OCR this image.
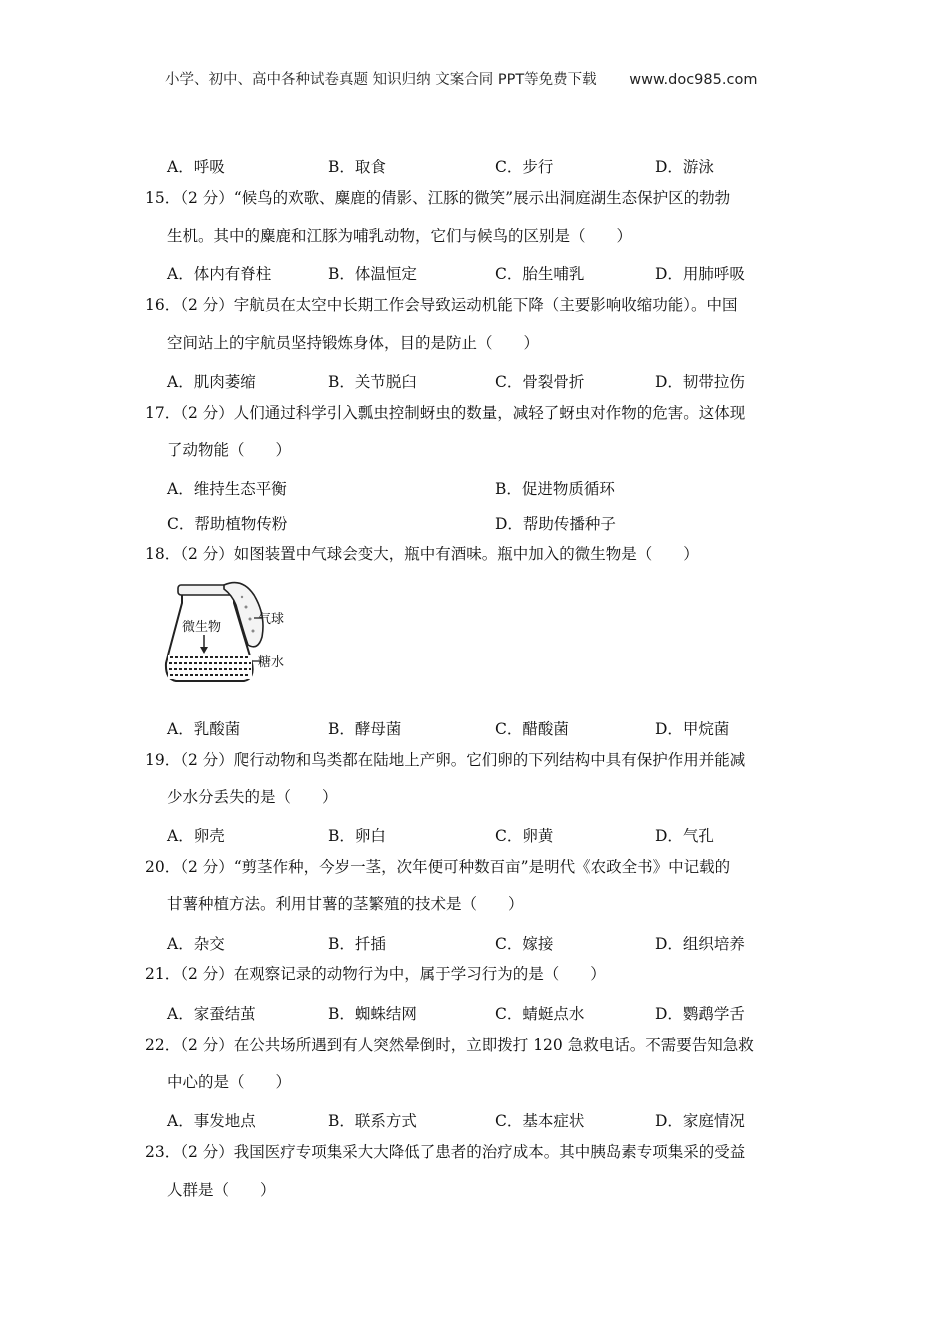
小学、初中、高中各种试卷真题 知识归纳 文案合同 PPT等免费下载 www.doc985.com
A．呼吸	B．取食	C．步行	D．游泳
15．（2 分）“候鸟的欢歌、麋鹿的倩影、江豚的微笑”展示出洞庭湖生态保护区的勃勃
生机。其中的麋鹿和江豚为哺乳动物，它们与候鸟的区别是（　　）
A．体内有脊柱	B．体温恒定	C．胎生哺乳	D．用肺呼吸
16．（2 分）宇航员在太空中长期工作会导致运动机能下降（主要影响收缩功能）。中国
空间站上的宇航员坚持锻炼身体，目的是防止（　　）
A．肌肉萎缩	B．关节脱臼	C．骨裂骨折	D．韧带拉伤
17．（2 分）人们通过科学引入瓢虫控制蚜虫的数量，减轻了蚜虫对作物的危害。这体现
了动物能（　　）
A．维持生态平衡	B．促进物质循环
C．帮助植物传粉	D．帮助传播种子
18．（2 分）如图装置中气球会变大，瓶中有酒味。瓶中加入的微生物是（　　）
气球
微生物
糖水
A．乳酸菌	B．酵母菌	C．醋酸菌	D．甲烷菌
19．（2 分）爬行动物和鸟类都在陆地上产卵。它们卵的下列结构中具有保护作用并能减
少水分丢失的是（　　）
A．卵壳	B．卵白	C．卵黄	D．气孔
20．（2 分）“剪茎作种，今岁一茎，次年便可种数百亩”是明代《农政全书》中记载的
甘薯种植方法。利用甘薯的茎繁殖的技术是（　　）
A．杂交	B．扦插	C．嫁接	D．组织培养
21．（2 分）在观察记录的动物行为中，属于学习行为的是（　　）
A．家蚕结茧	B．蜘蛛结网	C．蜻蜓点水	D．鹦鹉学舌
22．（2 分）在公共场所遇到有人突然晕倒时，立即拨打 120 急救电话。不需要告知急救
中心的是（　　）
A．事发地点	B．联系方式	C．基本症状	D．家庭情况
23．（2 分）我国医疗专项集采大大降低了患者的治疗成本。其中胰岛素专项集采的受益
人群是（　　）
